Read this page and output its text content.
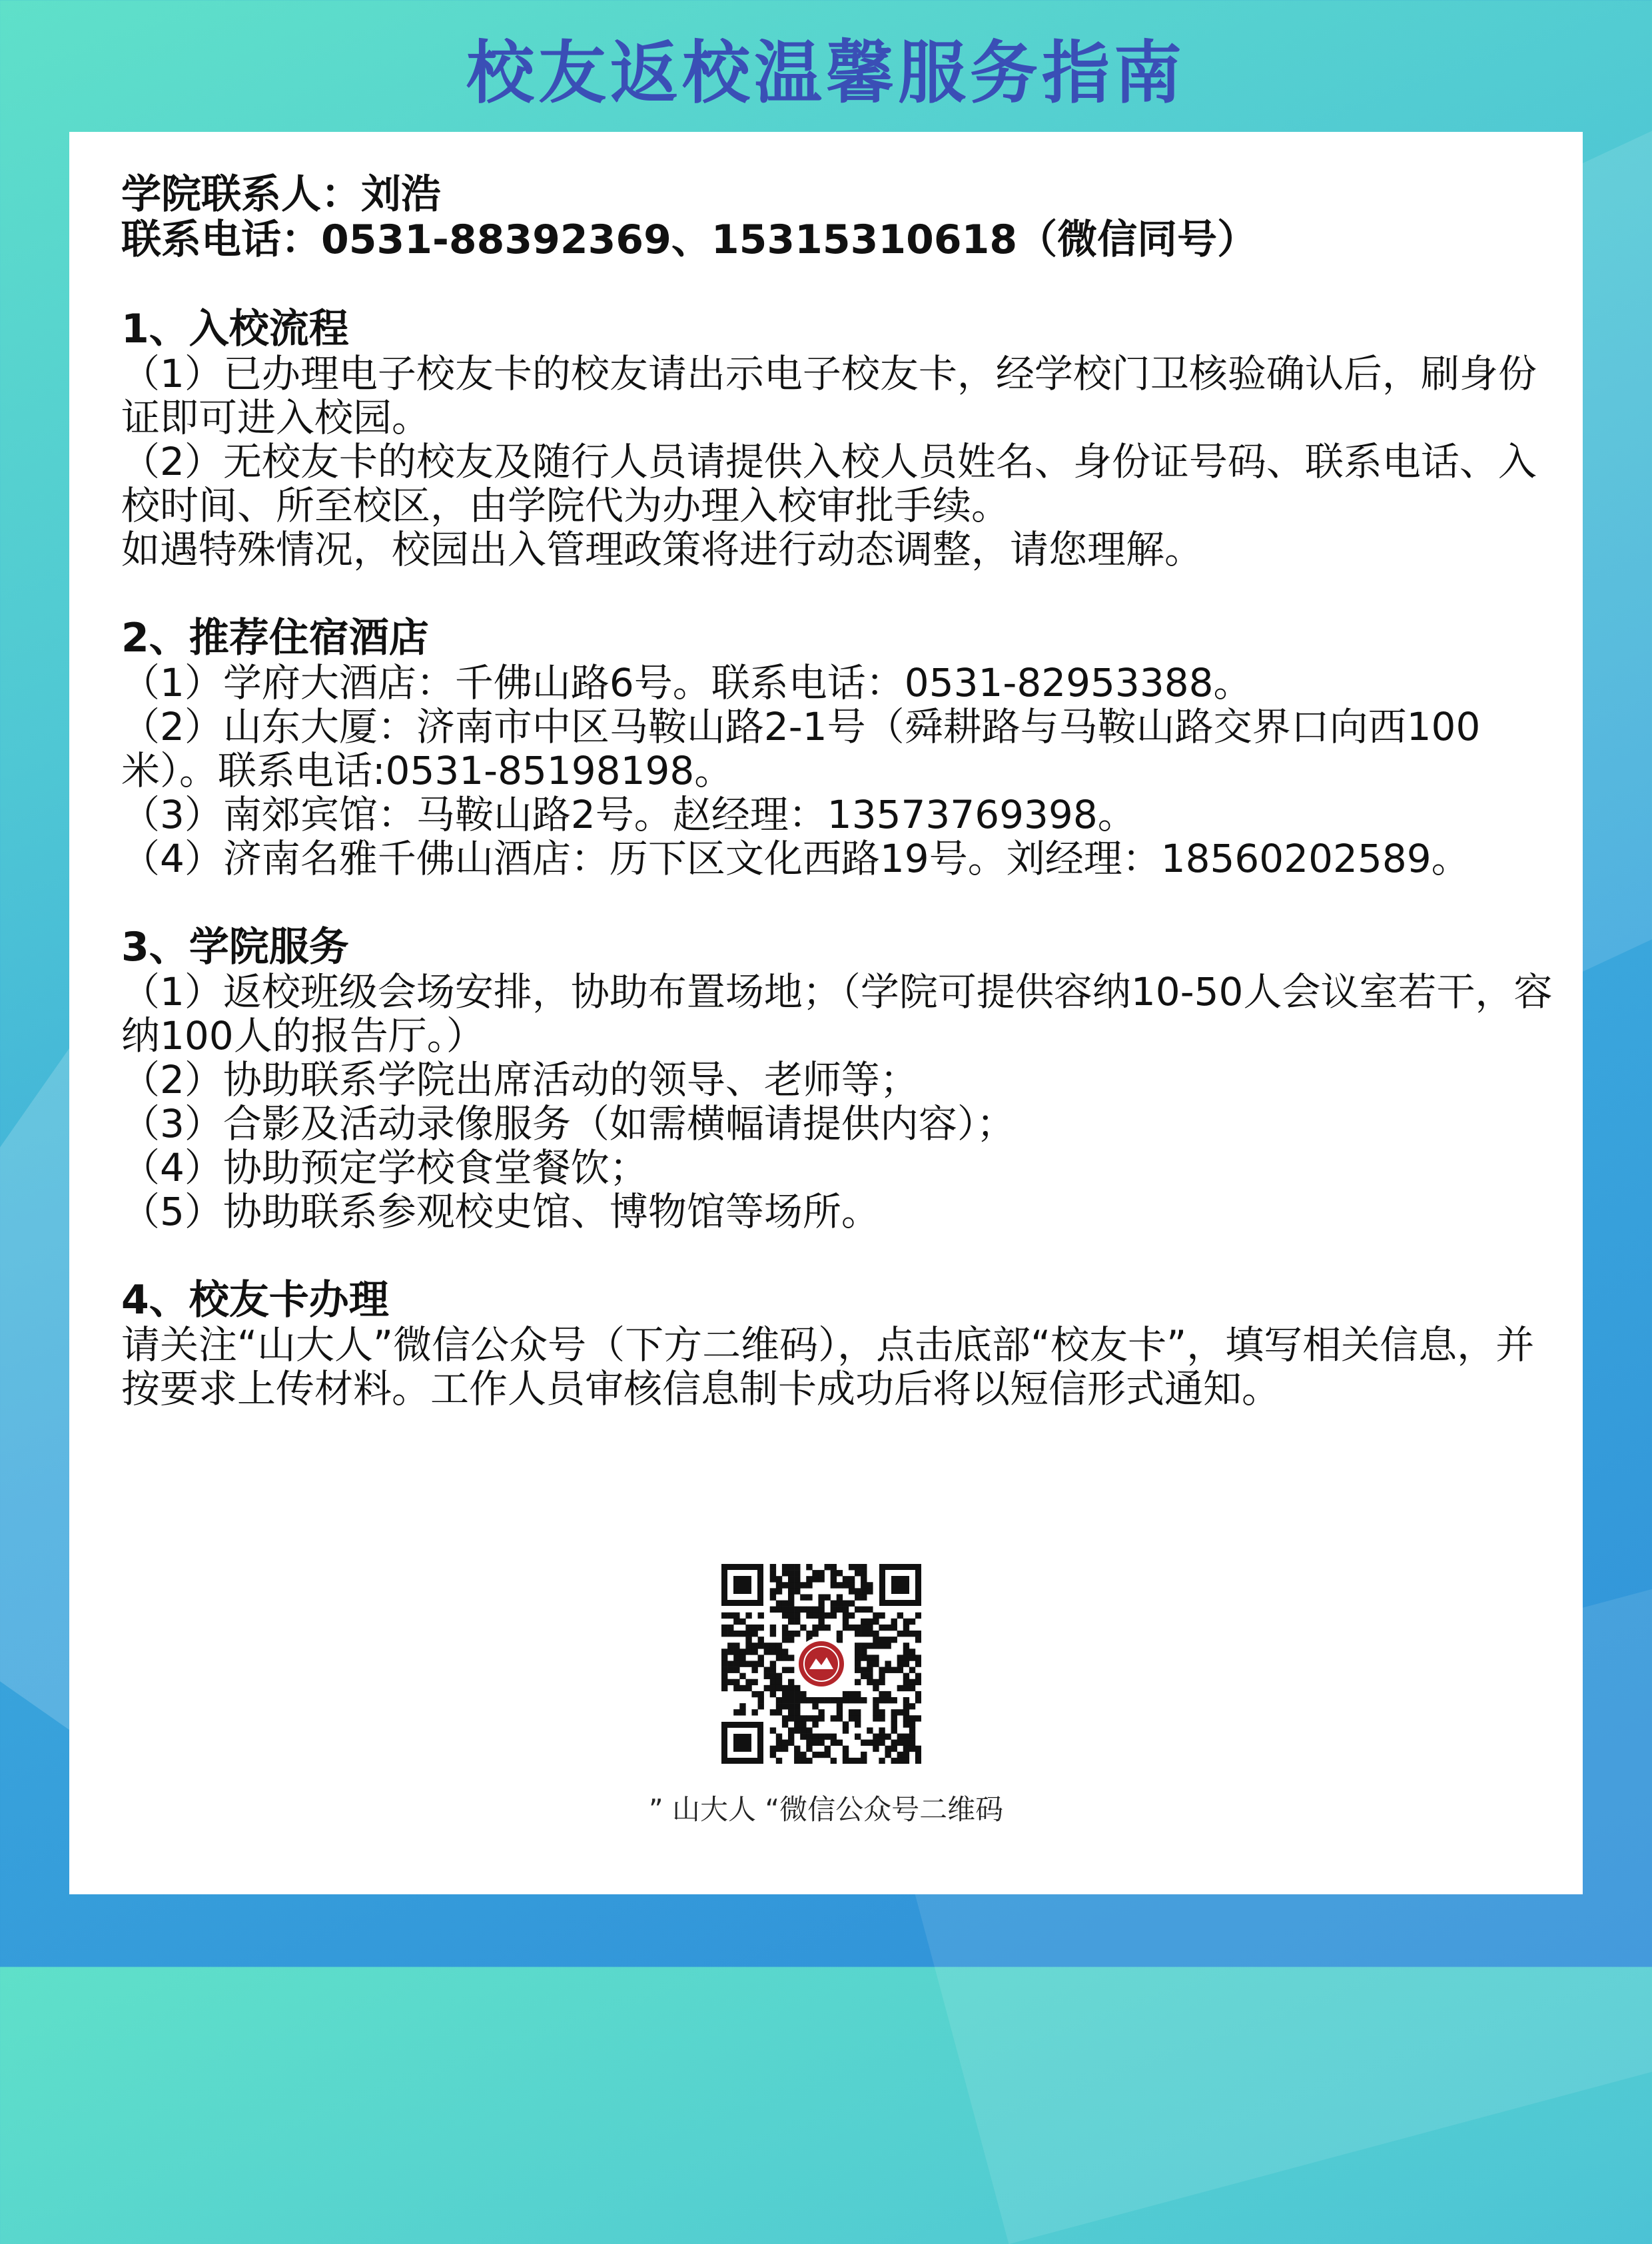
校友返校温馨服务指南
学院联系人：刘浩
联系电话：0531-88392369、15315310618（微信同号）
1、入校流程
（1）已办理电子校友卡的校友请出示电子校友卡，经学校门卫核验确认后，刷身份证即可进入校园。
（2）无校友卡的校友及随行人员请提供入校人员姓名、身份证号码、联系电话、入校时间、所至校区，由学院代为办理入校审批手续。
如遇特殊情况，校园出入管理政策将进行动态调整，请您理解。
2、推荐住宿酒店
（1）学府大酒店：千佛山路6号。联系电话：0531-82953388。
（2）山东大厦：济南市中区马鞍山路2-1号（舜耕路与马鞍山路交界口向西100米）。联系电话:0531-85198198。
（3）南郊宾馆：马鞍山路2号。赵经理：13573769398。
（4）济南名雅千佛山酒店：历下区文化西路19号。刘经理：18560202589。
3、学院服务
（1）返校班级会场安排，协助布置场地；（学院可提供容纳10-50人会议室若干，容纳100人的报告厅。）
（2）协助联系学院出席活动的领导、老师等；
（3）合影及活动录像服务（如需横幅请提供内容）；
（4）协助预定学校食堂餐饮；
（5）协助联系参观校史馆、博物馆等场所。
4、校友卡办理
请关注“山大人”微信公众号（下方二维码），点击底部“校友卡”，填写相关信息，并按要求上传材料。工作人员审核信息制卡成功后将以短信形式通知。
” 山大人 “微信公众号二维码
